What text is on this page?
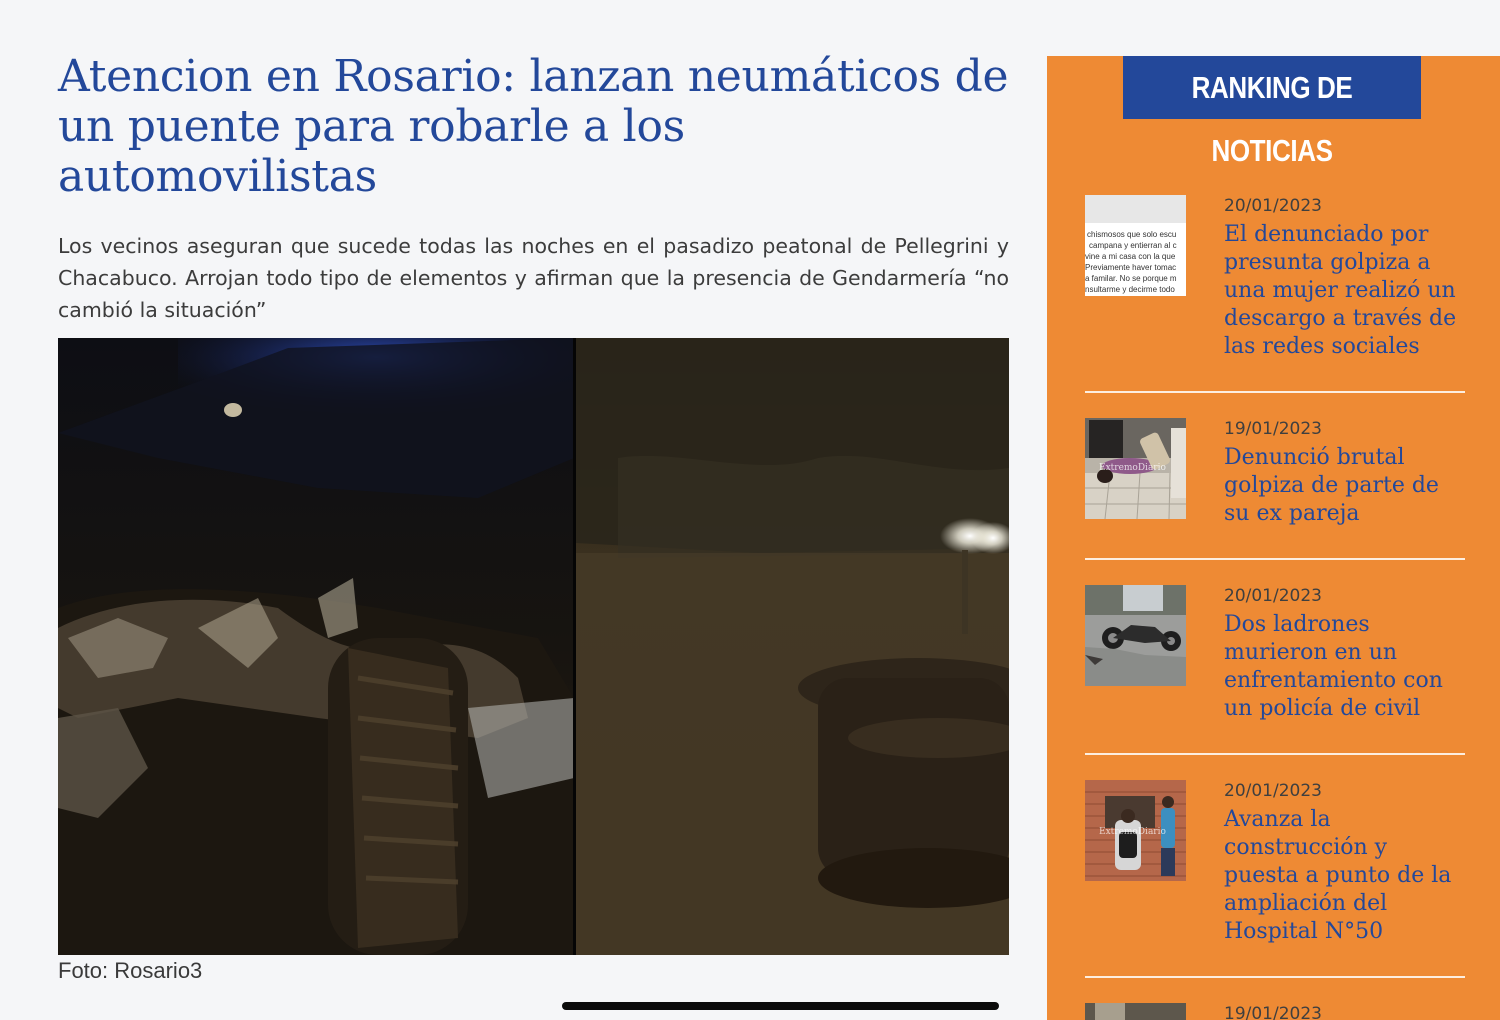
Atencion en Rosario: lanzan neumáticos de un puente para robarle a los automovilistas

Los vecinos aseguran que sucede todas las noches en el pasadizo peatonal de Pellegrini y Chacabuco. Arrojan todo tipo de elementos y afirman que la presencia de Gendarmería “no cambió la situación”

Foto: Rosario3
RANKING DE NOTICIAS
chismosos que solo escu
campana y entierran al c
vine a mi casa con la que
Previamente haver tomac
a familar. No se porque m
nsultarme y decirme todo
20/01/2023
El denunciado por presunta golpiza a una mujer realizó un descargo a través de las redes sociales
ExtremoDiario
19/01/2023
Denunció brutal golpiza de parte de su ex pareja
20/01/2023
Dos ladrones murieron en un enfrentamiento con un policía de civil
ExtremoDiario
20/01/2023
Avanza la construcción y puesta a punto de la ampliación del Hospital N°50
19/01/2023
